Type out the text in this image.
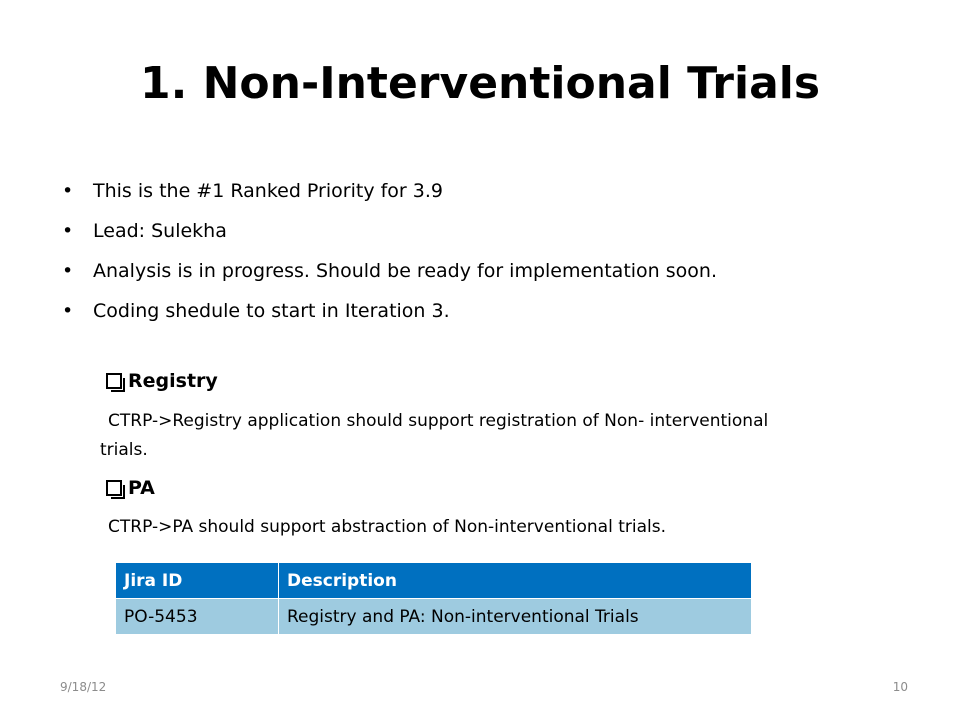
1. Non-Interventional Trials
• This is the #1 Ranked Priority for 3.9
• Lead: Sulekha
• Analysis is in progress. Should be ready for implementation soon.
• Coding shedule to start in Iteration 3.
Registry
CTRP->Registry application should support registration of Non- interventional
trials.
PA
CTRP->PA should support abstraction of Non-interventional trials.
Jira ID	Description
PO-5453	Registry and PA: Non-interventional Trials
9/18/12	10
